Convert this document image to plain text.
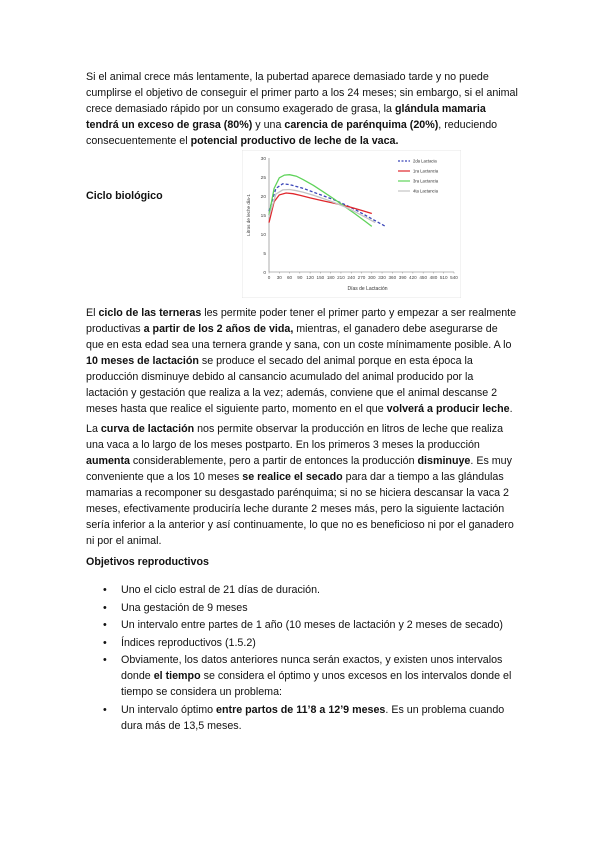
Si el animal crece más lentamente, la pubertad aparece demasiado tarde y no puede cumplirse el objetivo de conseguir el primer parto a los 24 meses; sin embargo, si el animal crece demasiado rápido por un consumo exagerado de grasa, la glándula mamaria tendrá un exceso de grasa (80%) y una carencia de parénquima (20%), reduciendo consecuentemente el potencial productivo de leche de la vaca.

Ciclo biológico

0
5
10
15
20
25
30
0 30 60 90 120 150 180 210 240 270 300 330 360 390 420 450 480 510 540
Días de Lactación
Litros de leche día-1
2da Lactacia
1ra Lactancia
3ra Lactancia
4ta Lactancia

El ciclo de las terneras les permite poder tener el primer parto y empezar a ser realmente productivas a partir de los 2 años de vida, mientras, el ganadero debe asegurarse de que en esta edad sea una ternera grande y sana, con un coste mínimamente posible. A lo 10 meses de lactación se produce el secado del animal porque en esta época la producción disminuye debido al cansancio acumulado del animal producido por la lactación y gestación que realiza a la vez; además, conviene que el animal descanse 2 meses hasta que realice el siguiente parto, momento en el que volverá a producir leche.

La curva de lactación nos permite observar la producción en litros de leche que realiza una vaca a lo largo de los meses postparto. En los primeros 3 meses la producción aumenta considerablemente, pero a partir de entonces la producción disminuye. Es muy conveniente que a los 10 meses se realice el secado para dar a tiempo a las glándulas mamarias a recomponer su desgastado parénquima; si no se hiciera descansar la vaca 2 meses, efectivamente produciría leche durante 2 meses más, pero la siguiente lactación sería inferior a la anterior y así continuamente, lo que no es beneficioso ni por el ganadero ni por el animal.

Objetivos reproductivos

• Uno el ciclo estral de 21 días de duración.
• Una gestación de 9 meses
• Un intervalo entre partes de 1 año (10 meses de lactación y 2 meses de secado)
• Índices reproductivos (1.5.2)
• Obviamente, los datos anteriores nunca serán exactos, y existen unos intervalos donde el tiempo se considera el óptimo y unos excesos en los intervalos donde el tiempo se considera un problema:
• Un intervalo óptimo entre partos de 11’8 a 12’9 meses. Es un problema cuando dura más de 13,5 meses.
